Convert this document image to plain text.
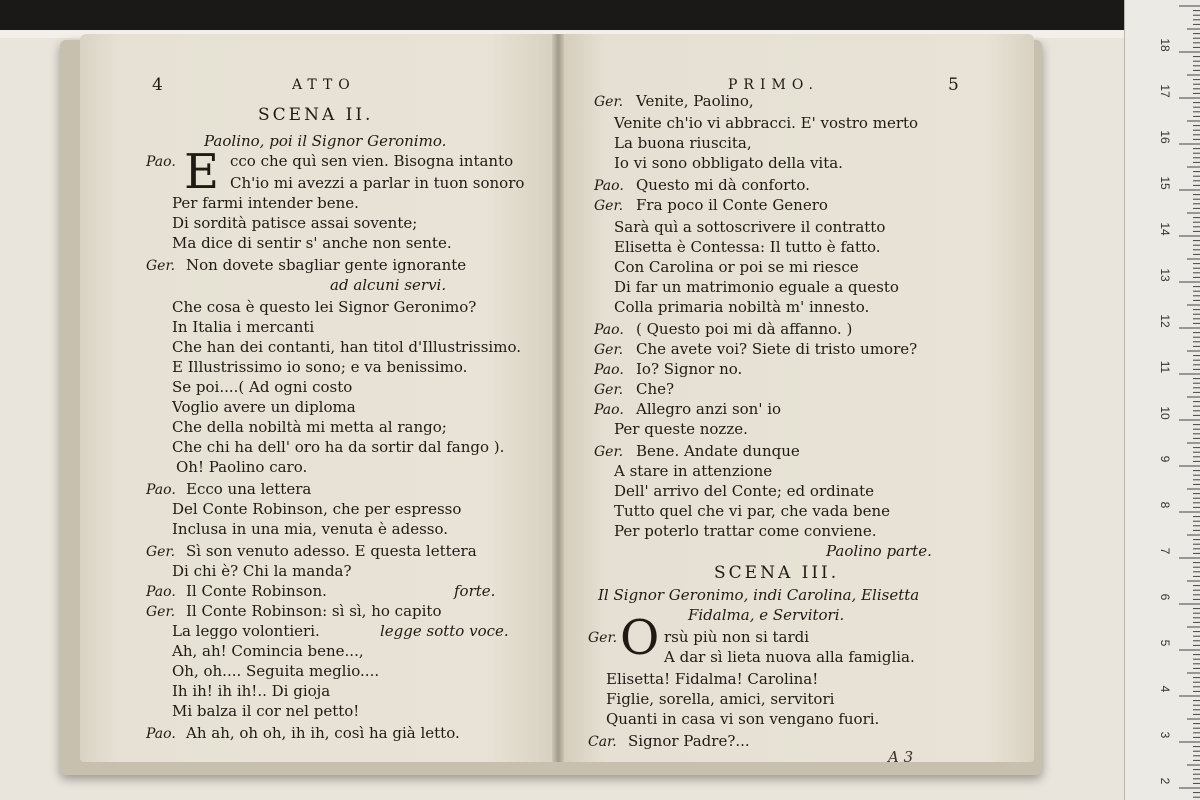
4	ATTO
SCENA II.
Paolino, poi il Signor Geronimo.
E
Pao.	cco che quì sen vien. Bisogna intanto
Ch'io mi avezzi a parlar in tuon sonoro
Per farmi intender bene.
Di sordità patisce assai sovente;
Ma dice di sentir s' anche non sente.
Ger. Non dovete sbagliar gente ignorante
ad alcuni servi.
Che cosa è questo lei Signor Geronimo?
In Italia i mercanti
Che han dei contanti, han titol d'Illustrissimo.
E Illustrissimo io sono; e va benissimo.
Se poi....( Ad ogni costo
Voglio avere un diploma
Che della nobiltà mi metta al rango;
Che chi ha dell' oro ha da sortir dal fango ).
Oh! Paolino caro.
Pao. Ecco una lettera
Del Conte Robinson, che per espresso
Inclusa in una mia, venuta è adesso.
Ger. Sì son venuto adesso. E questa lettera
Di chi è? Chi la manda?
Pao. Il Conte Robinson.	forte.
Ger. Il Conte Robinson: sì sì, ho capito
La leggo volontieri.	legge sotto voce.
Ah, ah! Comincia bene...,
Oh, oh.... Seguita meglio....
Ih ih! ih ih!.. Di gioja
Mi balza il cor nel petto!
Pao. Ah ah, oh oh, ih ih, così ha già letto.
PRIMO.	5
Ger. Venite, Paolino,
Venite ch'io vi abbracci. E' vostro merto
La buona riuscita,
Io vi sono obbligato della vita.
Pao. Questo mi dà conforto.
Ger. Fra poco il Conte Genero
Sarà quì a sottoscrivere il contratto
Elisetta è Contessa: Il tutto è fatto.
Con Carolina or poi se mi riesce
Di far un matrimonio eguale a questo
Colla primaria nobiltà m' innesto.
Pao. ( Questo poi mi dà affanno. )
Ger. Che avete voi? Siete di tristo umore?
Pao. Io? Signor no.
Ger. Che?
Pao. Allegro anzi son' io
Per queste nozze.
Ger. Bene. Andate dunque
A stare in attenzione
Dell' arrivo del Conte; ed ordinate
Tutto quel che vi par, che vada bene
Per poterlo trattar come conviene.
Paolino parte.
SCENA III.
Il Signor Geronimo, indi Carolina, Elisetta
Fidalma, e Servitori.
O
Ger.	rsù più non si tardi
A dar sì lieta nuova alla famiglia.
Elisetta! Fidalma! Carolina!
Figlie, sorella, amici, servitori
Quanti in casa vi son vengano fuori.
Car. Signor Padre?...
A 3
18
17
16
15
14
13
12
11
10
9
8
7
6
5
4
3
2
